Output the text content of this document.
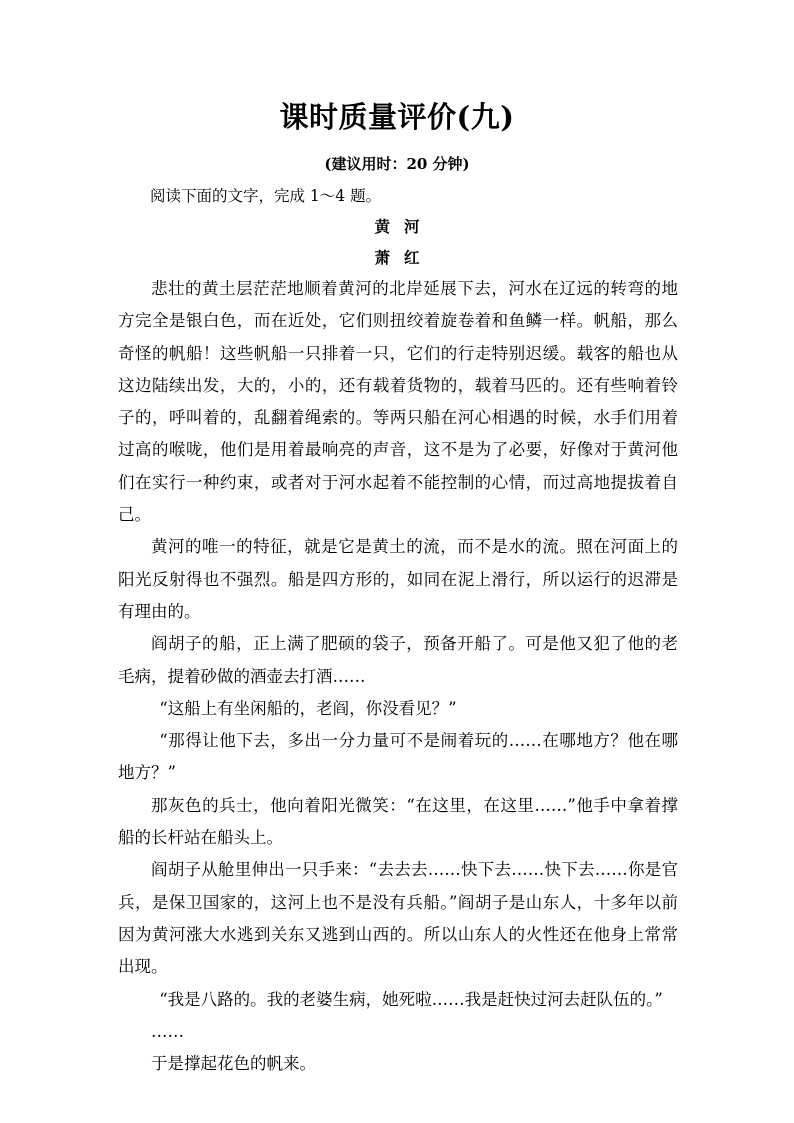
课时质量评价(九)
(建议用时：20 分钟)
阅读下面的文字，完成 1～4 题。
黄河
萧红

悲壮的黄土层茫茫地顺着黄河的北岸延展下去，河水在辽远的转弯的地方完全是银白色，而在近处，它们则扭绞着旋卷着和鱼鳞一样。帆船，那么奇怪的帆船！这些帆船一只排着一只，它们的行走特别迟缓。载客的船也从这边陆续出发，大的，小的，还有载着货物的，载着马匹的。还有些响着铃子的，呼叫着的，乱翻着绳索的。等两只船在河心相遇的时候，水手们用着过高的喉咙，他们是用着最响亮的声音，这不是为了必要，好像对于黄河他们在实行一种约束，或者对于河水起着不能控制的心情，而过高地提拔着自己。

黄河的唯一的特征，就是它是黄土的流，而不是水的流。照在河面上的阳光反射得也不强烈。船是四方形的，如同在泥上滑行，所以运行的迟滞是有理由的。

阎胡子的船，正上满了肥硕的袋子，预备开船了。可是他又犯了他的老毛病，提着砂做的酒壶去打酒……

“这船上有坐闲船的，老阎，你没看见？”

“那得让他下去，多出一分力量可不是闹着玩的……在哪地方？他在哪地方？”

那灰色的兵士，他向着阳光微笑：“在这里，在这里……”他手中拿着撑船的长杆站在船头上。

阎胡子从舱里伸出一只手来：“去去去……快下去……快下去……你是官兵，是保卫国家的，这河上也不是没有兵船。”阎胡子是山东人，十多年以前因为黄河涨大水逃到关东又逃到山西的。所以山东人的火性还在他身上常常出现。

“我是八路的。我的老婆生病，她死啦……我是赶快过河去赶队伍的。”

……

于是撑起花色的帆来。
